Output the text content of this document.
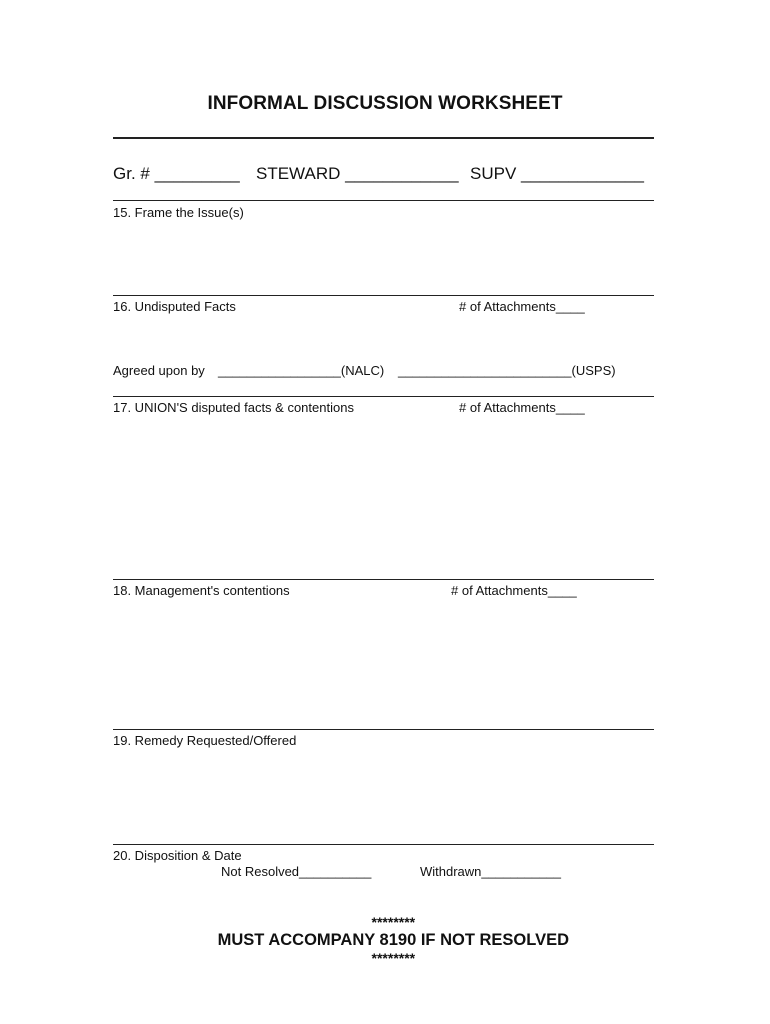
INFORMAL DISCUSSION WORKSHEET
Gr. # _________ STEWARD ____________ SUPV _____________
15. Frame the Issue(s)
16. Undisputed Facts	# of Attachments____
Agreed upon by _________________(NALC) ________________________(USPS)
17. UNION'S disputed facts & contentions	# of Attachments____
18. Management's contentions	# of Attachments____
19. Remedy Requested/Offered
20. Disposition & Date
Not Resolved__________	Withdrawn___________

********
MUST ACCOMPANY 8190 IF NOT RESOLVED
********
